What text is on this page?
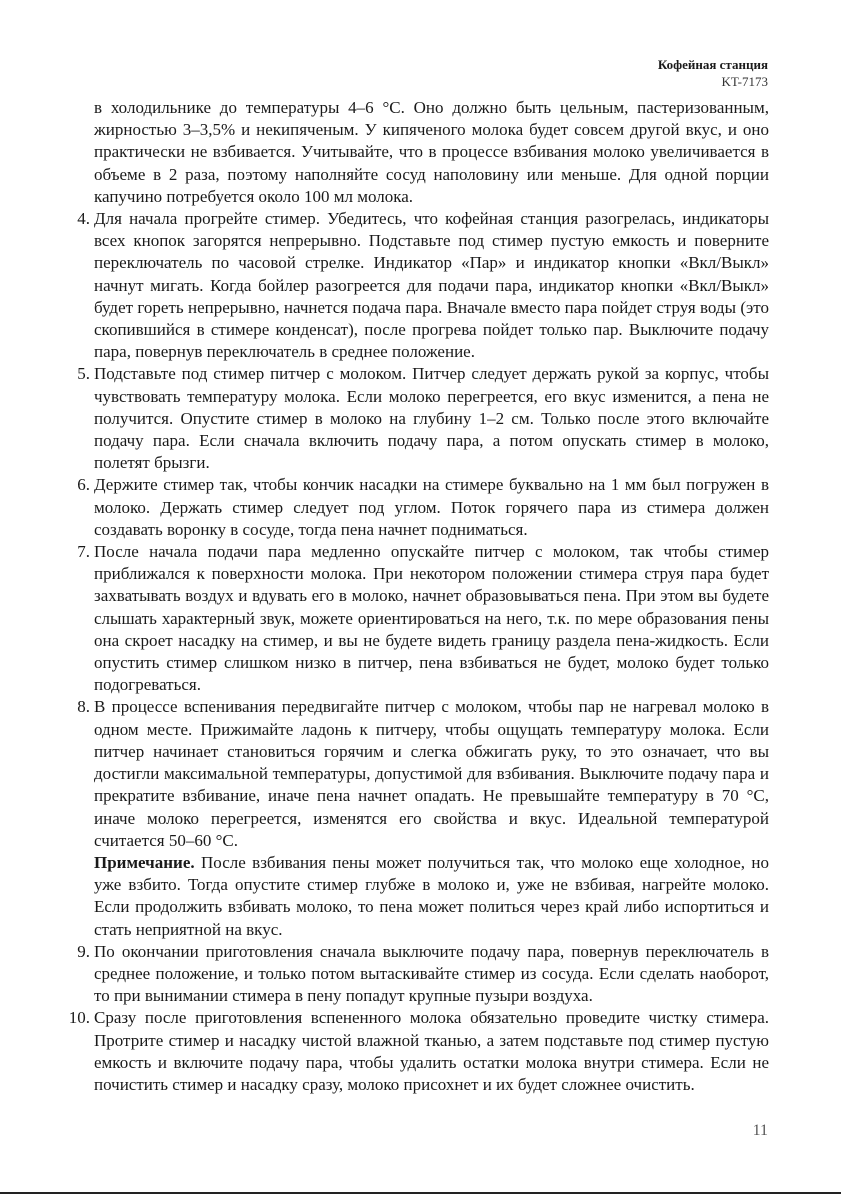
Кофейная станция
KT-7173

в холодильнике до температуры 4–6 °С. Оно должно быть цельным, пастеризованным, жирностью 3–3,5% и некипяченым. У кипяченого молока будет совсем другой вкус, и оно практически не взбивается. Учитывайте, что в процессе взбивания молоко увеличивается в объеме в 2 раза, поэтому наполняйте сосуд наполовину или меньше. Для одной порции капучино потребуется около 100 мл молока.

4. Для начала прогрейте стимер. Убедитесь, что кофейная станция разогрелась, индикаторы всех кнопок загорятся непрерывно. Подставьте под стимер пустую емкость и поверните переключатель по часовой стрелке. Индикатор «Пар» и индикатор кнопки «Вкл/Выкл» начнут мигать. Когда бойлер разогреется для подачи пара, индикатор кнопки «Вкл/Выкл» будет гореть непрерывно, начнется подача пара. Вначале вместо пара пойдет струя воды (это скопившийся в стимере конденсат), после прогрева пойдет только пар. Выключите подачу пара, повернув переключатель в среднее положение.

5. Подставьте под стимер питчер с молоком. Питчер следует держать рукой за корпус, чтобы чувствовать температуру молока. Если молоко перегреется, его вкус изменится, а пена не получится. Опустите стимер в молоко на глубину 1–2 см. Только после этого включайте подачу пара. Если сначала включить подачу пара, а потом опускать стимер в молоко, полетят брызги.

6. Держите стимер так, чтобы кончик насадки на стимере буквально на 1 мм был погружен в молоко. Держать стимер следует под углом. Поток горячего пара из стимера должен создавать воронку в сосуде, тогда пена начнет подниматься.

7. После начала подачи пара медленно опускайте питчер с молоком, так чтобы стимер приближался к поверхности молока. При некотором положении стимера струя пара будет захватывать воздух и вдувать его в молоко, начнет образовываться пена. При этом вы будете слышать характерный звук, можете ориентироваться на него, т.к. по мере образования пены она скроет насадку на стимер, и вы не будете видеть границу раздела пена-жидкость. Если опустить стимер слишком низко в питчер, пена взбиваться не будет, молоко будет только подогреваться.

8. В процессе вспенивания передвигайте питчер с молоком, чтобы пар не нагревал молоко в одном месте. Прижимайте ладонь к питчеру, чтобы ощущать температуру молока. Если питчер начинает становиться горячим и слегка обжигать руку, то это означает, что вы достигли максимальной температуры, допустимой для взбивания. Выключите подачу пара и прекратите взбивание, иначе пена начнет опадать. Не превышайте температуру в 70 °С, иначе молоко перегреется, изменятся его свойства и вкус. Идеальной температурой считается 50–60 °С.

Примечание. После взбивания пены может получиться так, что молоко еще холодное, но уже взбито. Тогда опустите стимер глубже в молоко и, уже не взбивая, нагрейте молоко. Если продолжить взбивать молоко, то пена может политься через край либо испортиться и стать неприятной на вкус.

9. По окончании приготовления сначала выключите подачу пара, повернув переключатель в среднее положение, и только потом вытаскивайте стимер из сосуда. Если сделать наоборот, то при вынимании стимера в пену попадут крупные пузыри воздуха.

10. Сразу после приготовления вспененного молока обязательно проведите чистку стимера. Протрите стимер и насадку чистой влажной тканью, а затем подставьте под стимер пустую емкость и включите подачу пара, чтобы удалить остатки молока внутри стимера. Если не почистить стимер и насадку сразу, молоко присохнет и их будет сложнее очистить.

11
